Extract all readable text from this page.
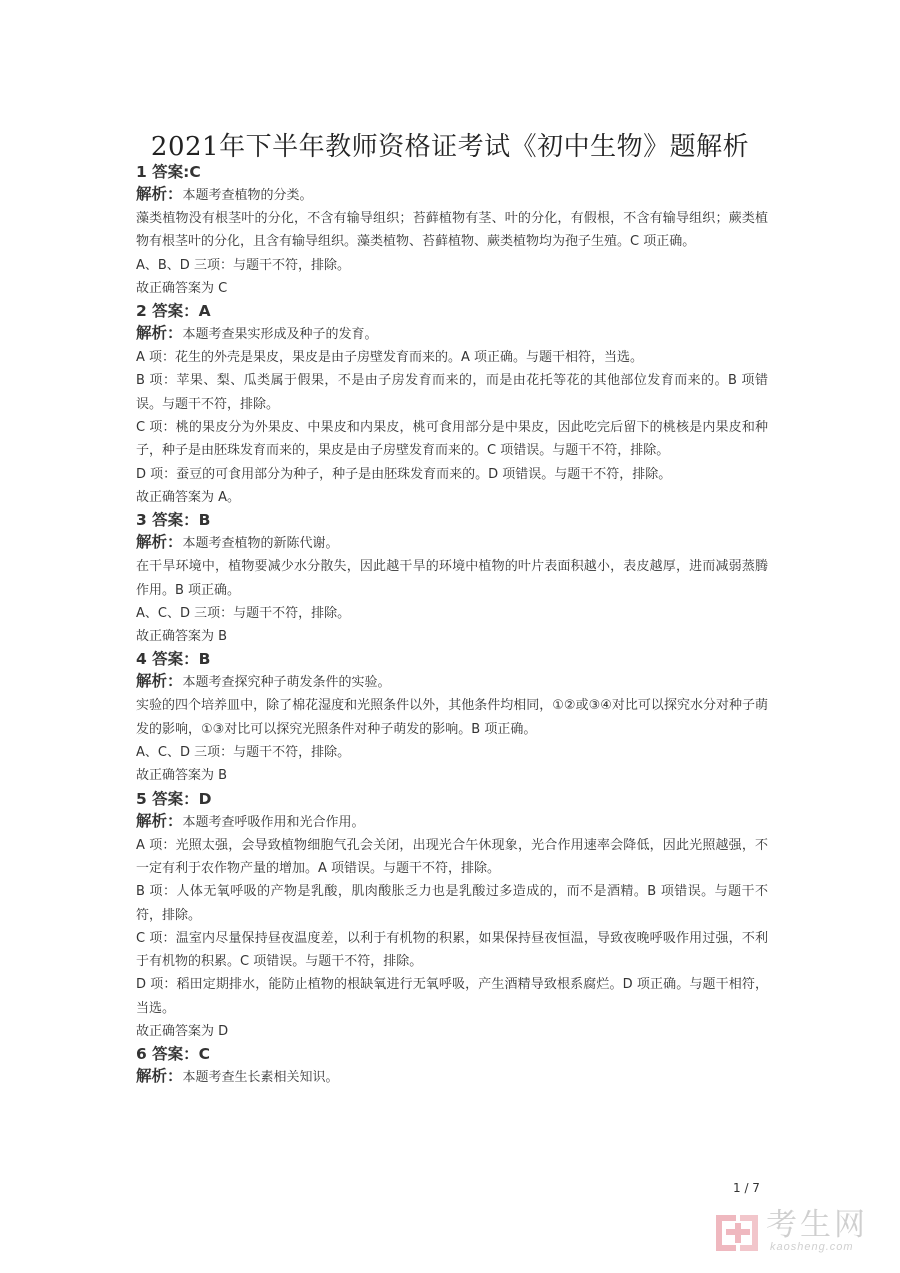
2021年下半年教师资格证考试《初中生物》题解析
1 答案:C
解析：本题考查植物的分类。
藻类植物没有根茎叶的分化，不含有输导组织；苔藓植物有茎、叶的分化，有假根，不含有输导组织；蕨类植物有根茎叶的分化，且含有输导组织。藻类植物、苔藓植物、蕨类植物均为孢子生殖。C 项正确。
A、B、D 三项：与题干不符，排除。
故正确答案为 C
2 答案：A
解析：本题考查果实形成及种子的发育。
A 项：花生的外壳是果皮，果皮是由子房壁发育而来的。A 项正确。与题干相符，当选。
B 项：苹果、梨、瓜类属于假果，不是由子房发育而来的，而是由花托等花的其他部位发育而来的。B 项错误。与题干不符，排除。
C 项：桃的果皮分为外果皮、中果皮和内果皮，桃可食用部分是中果皮，因此吃完后留下的桃核是内果皮和种子，种子是由胚珠发育而来的，果皮是由子房壁发育而来的。C 项错误。与题干不符，排除。
D 项：蚕豆的可食用部分为种子，种子是由胚珠发育而来的。D 项错误。与题干不符，排除。
故正确答案为 A。
3 答案：B
解析：本题考查植物的新陈代谢。
在干旱环境中，植物要减少水分散失，因此越干旱的环境中植物的叶片表面积越小，表皮越厚，进而减弱蒸腾作用。B 项正确。
A、C、D 三项：与题干不符，排除。
故正确答案为 B
4 答案：B
解析：本题考查探究种子萌发条件的实验。
实验的四个培养皿中，除了棉花湿度和光照条件以外，其他条件均相同，①②或③④对比可以探究水分对种子萌发的影响，①③对比可以探究光照条件对种子萌发的影响。B 项正确。
A、C、D 三项：与题干不符，排除。
故正确答案为 B
5 答案：D
解析：本题考查呼吸作用和光合作用。
A 项：光照太强，会导致植物细胞气孔会关闭，出现光合午休现象，光合作用速率会降低，因此光照越强，不一定有利于农作物产量的增加。A 项错误。与题干不符，排除。
B 项：人体无氧呼吸的产物是乳酸，肌肉酸胀乏力也是乳酸过多造成的，而不是酒精。B 项错误。与题干不符，排除。
C 项：温室内尽量保持昼夜温度差，以利于有机物的积累，如果保持昼夜恒温，导致夜晚呼吸作用过强，不利于有机物的积累。C 项错误。与题干不符，排除。
D 项：稻田定期排水，能防止植物的根缺氧进行无氧呼吸，产生酒精导致根系腐烂。D 项正确。与题干相符，当选。
故正确答案为 D
6 答案：C
解析：本题考查生长素相关知识。
1 / 7
考生网
kaosheng.com
